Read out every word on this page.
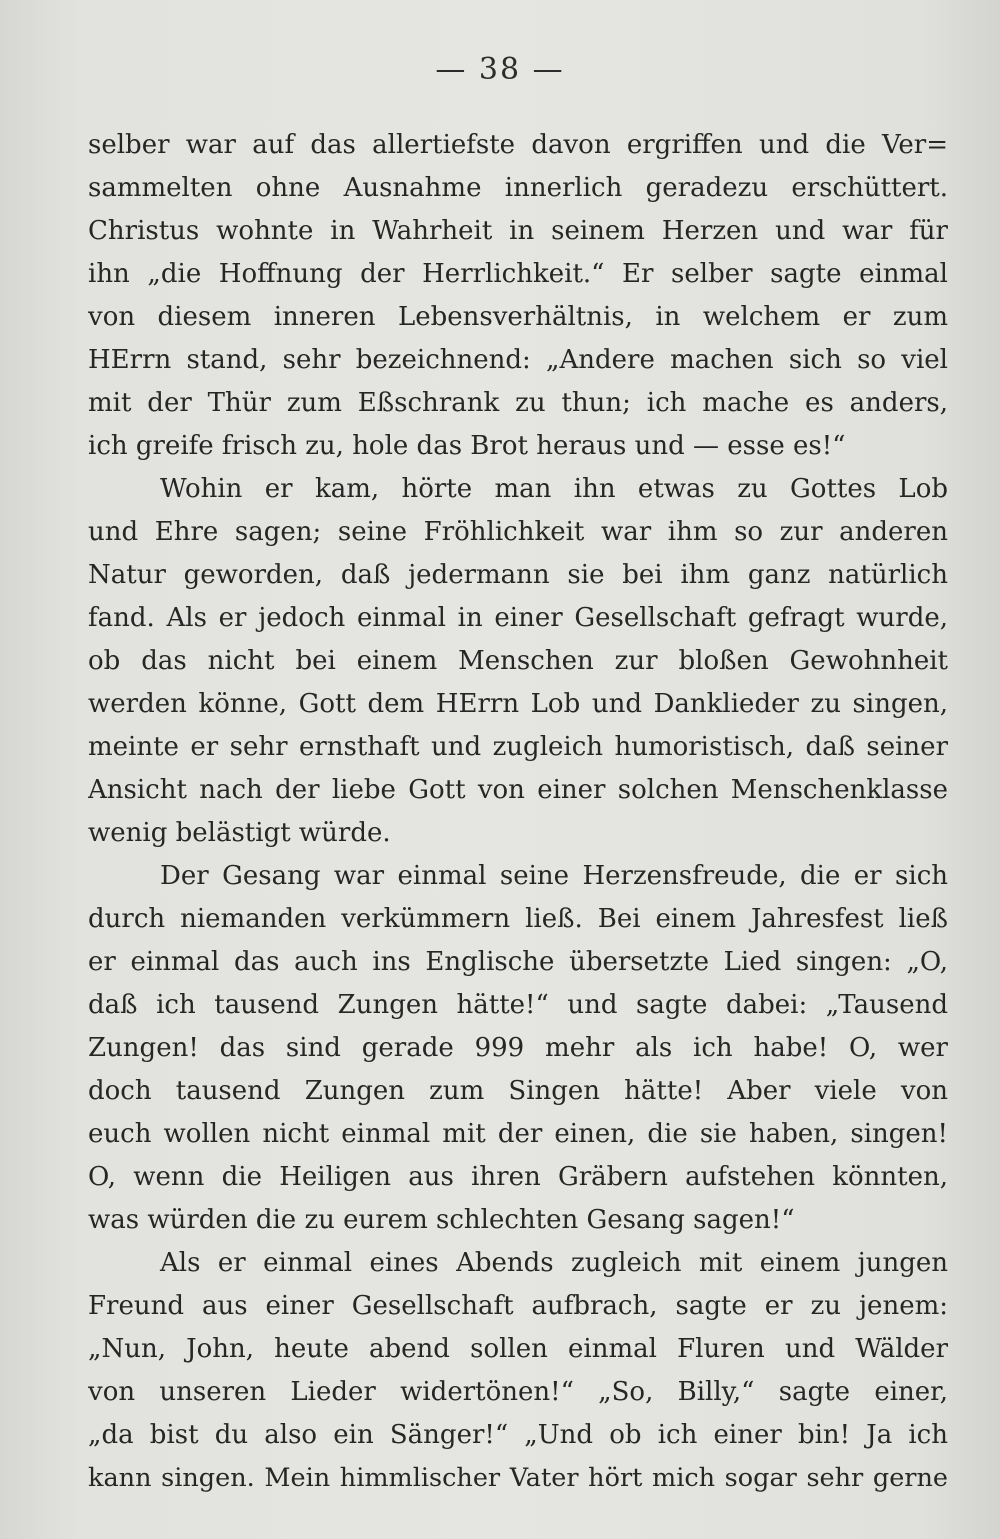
— 38 —
selber war auf das allertiefste davon ergriffen und die Ver=
sammelten ohne Ausnahme innerlich geradezu erschüttert.
Christus wohnte in Wahrheit in seinem Herzen und war für
ihn „die Hoffnung der Herrlichkeit.“ Er selber sagte einmal
von diesem inneren Lebensverhältnis, in welchem er zum
HErrn stand, sehr bezeichnend: „Andere machen sich so viel
mit der Thür zum Eßschrank zu thun; ich mache es anders,
ich greife frisch zu, hole das Brot heraus und — esse es!“
Wohin er kam, hörte man ihn etwas zu Gottes Lob
und Ehre sagen; seine Fröhlichkeit war ihm so zur anderen
Natur geworden, daß jedermann sie bei ihm ganz natürlich
fand. Als er jedoch einmal in einer Gesellschaft gefragt wurde,
ob das nicht bei einem Menschen zur bloßen Gewohnheit
werden könne, Gott dem HErrn Lob und Danklieder zu singen,
meinte er sehr ernsthaft und zugleich humoristisch, daß seiner
Ansicht nach der liebe Gott von einer solchen Menschenklasse
wenig belästigt würde.
Der Gesang war einmal seine Herzensfreude, die er sich
durch niemanden verkümmern ließ. Bei einem Jahresfest ließ
er einmal das auch ins Englische übersetzte Lied singen: „O,
daß ich tausend Zungen hätte!“ und sagte dabei: „Tausend
Zungen! das sind gerade 999 mehr als ich habe! O, wer
doch tausend Zungen zum Singen hätte! Aber viele von
euch wollen nicht einmal mit der einen, die sie haben, singen!
O, wenn die Heiligen aus ihren Gräbern aufstehen könnten,
was würden die zu eurem schlechten Gesang sagen!“
Als er einmal eines Abends zugleich mit einem jungen
Freund aus einer Gesellschaft aufbrach, sagte er zu jenem:
„Nun, John, heute abend sollen einmal Fluren und Wälder
von unseren Lieder widertönen!“ „So, Billy,“ sagte einer,
„da bist du also ein Sänger!“ „Und ob ich einer bin! Ja ich
kann singen. Mein himmlischer Vater hört mich sogar sehr gerne
